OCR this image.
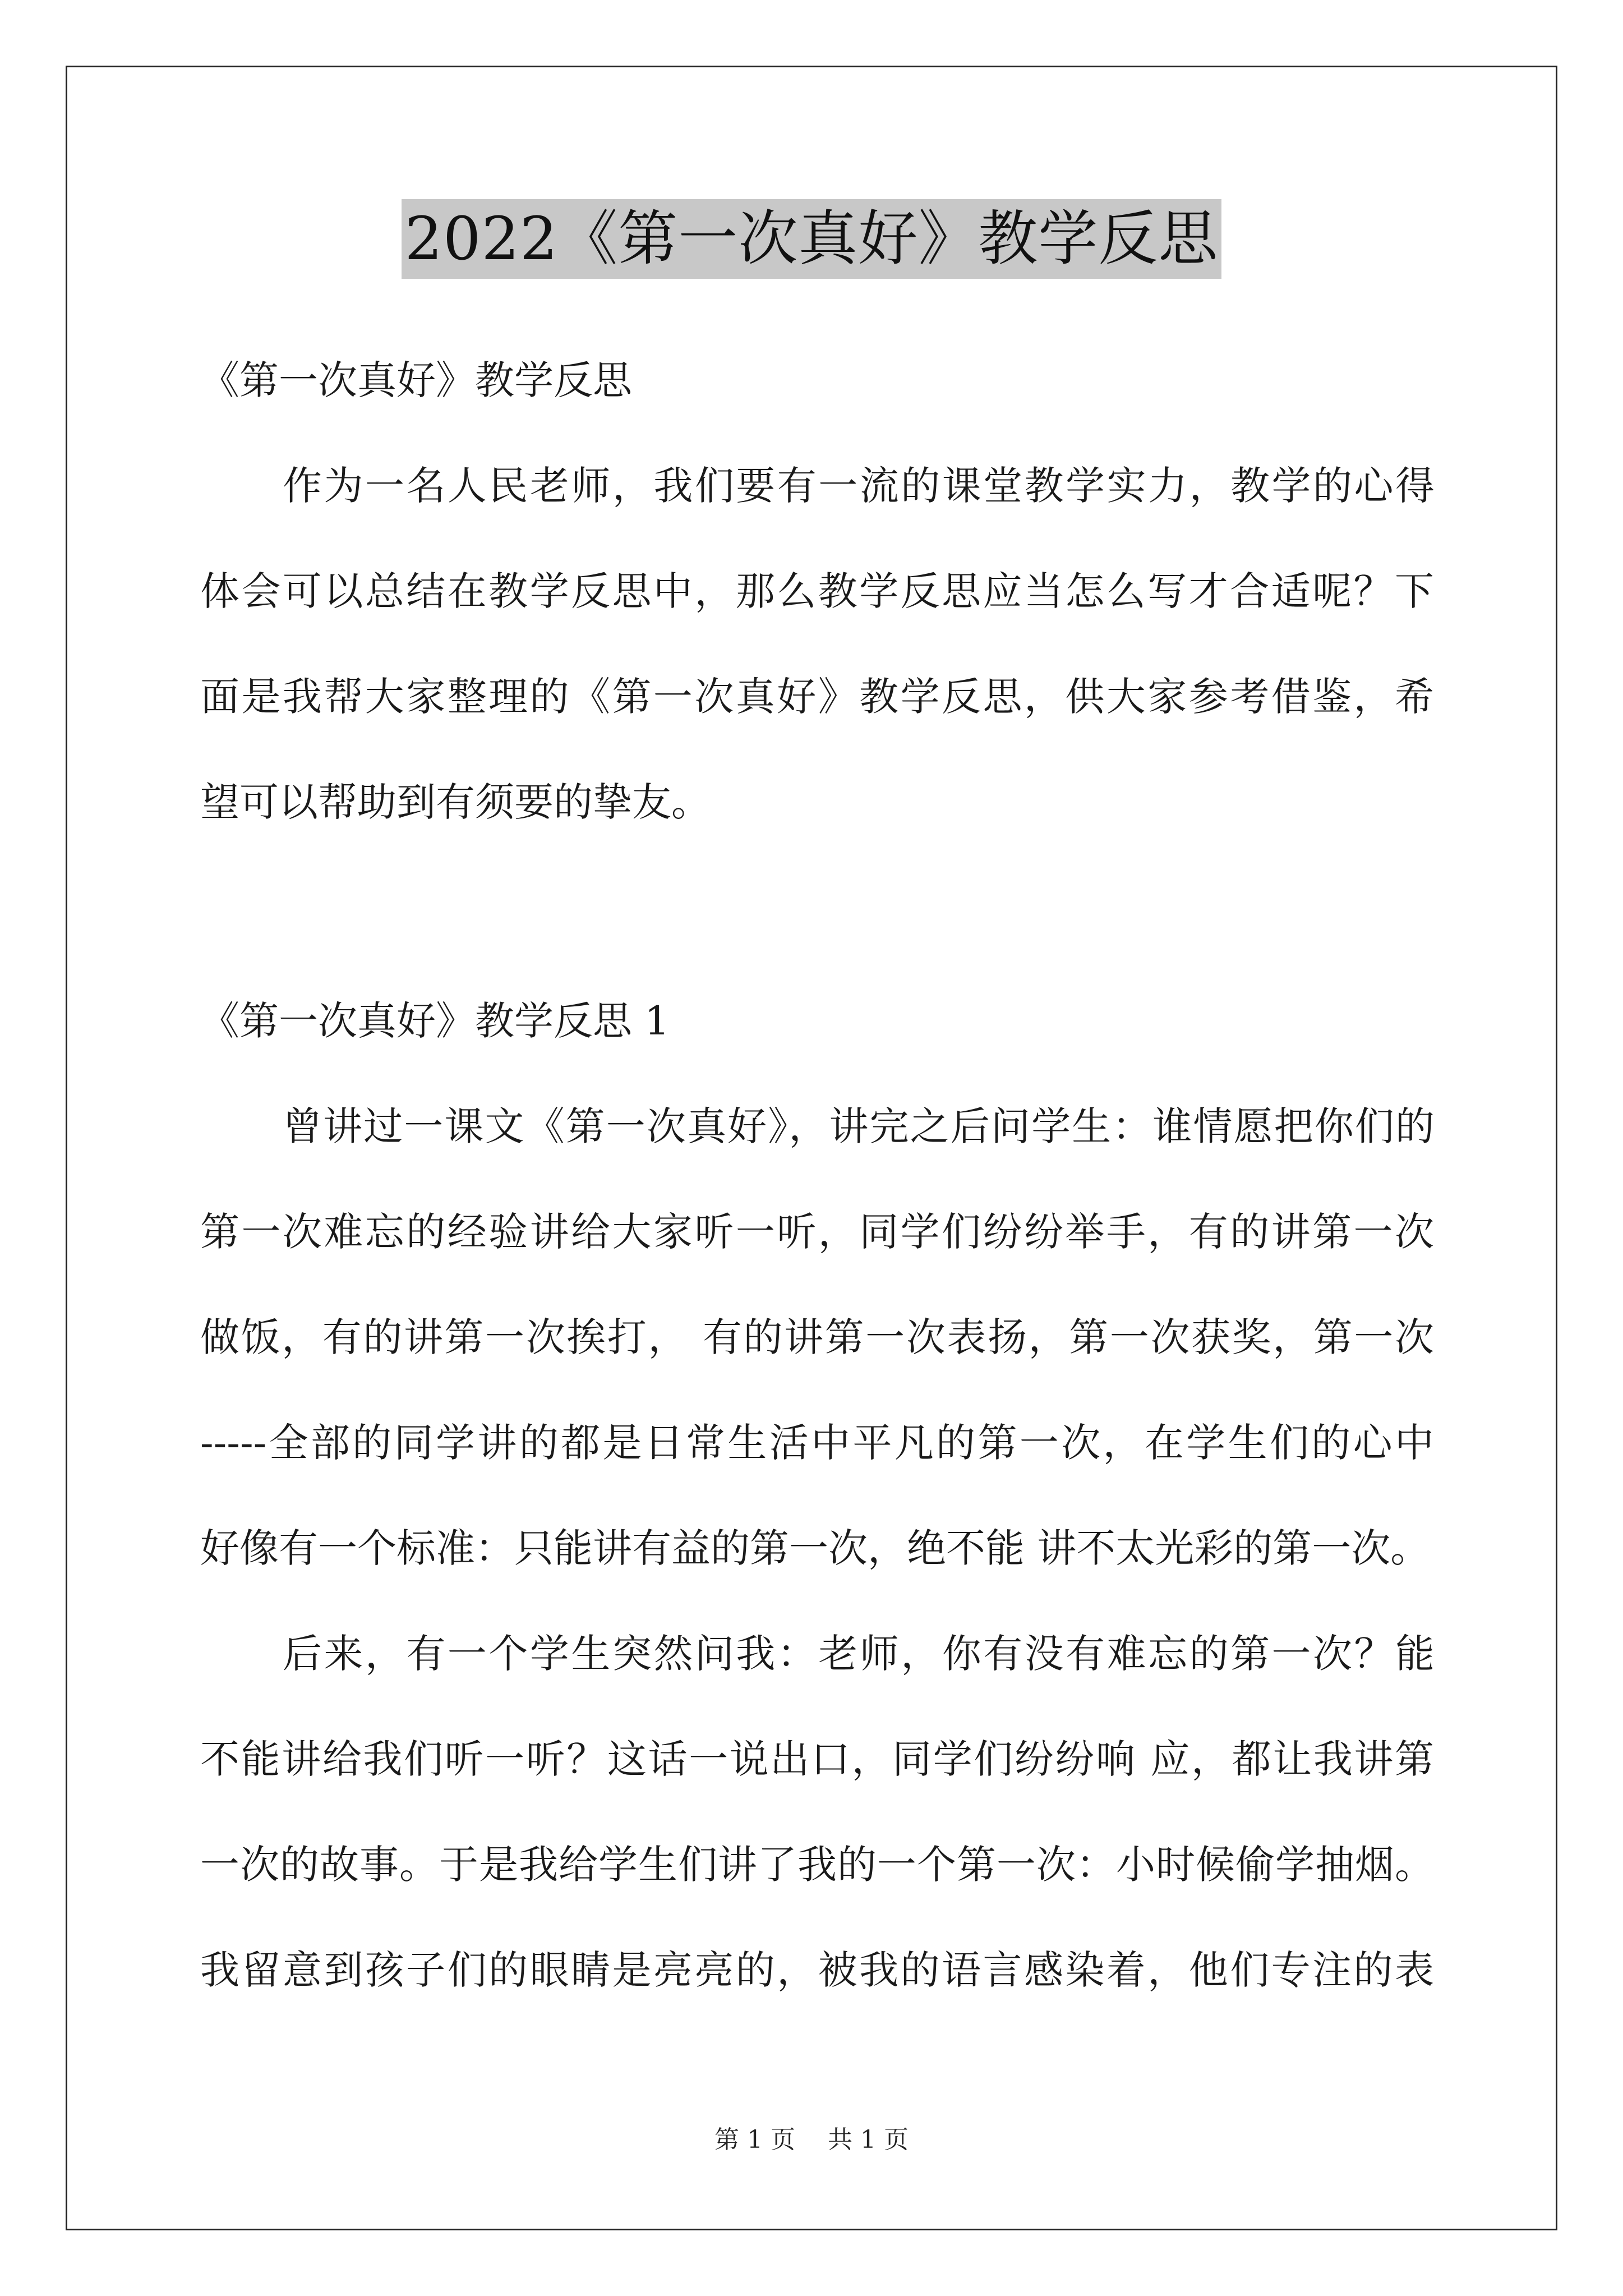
2022《第一次真好》教学反思
《第一次真好》教学反思
作为一名人民老师，我们要有一流的课堂教学实力，教学的心得
体会可以总结在教学反思中，那么教学反思应当怎么写才合适呢？下
面是我帮大家整理的《第一次真好》教学反思，供大家参考借鉴，希
望可以帮助到有须要的挚友。
《第一次真好》教学反思 1
曾讲过一课文《第一次真好》，讲完之后问学生：谁情愿把你们的
第一次难忘的经验讲给大家听一听，同学们纷纷举手，有的讲第一次
做饭，有的讲第一次挨打， 有的讲第一次表扬，第一次获奖，第一次
-----全部的同学讲的都是日常生活中平凡的第一次，在学生们的心中
好像有一个标准：只能讲有益的第一次，绝不能 讲不太光彩的第一次。
后来，有一个学生突然问我：老师，你有没有难忘的第一次？能
不能讲给我们听一听？这话一说出口，同学们纷纷响 应，都让我讲第
一次的故事。于是我给学生们讲了我的一个第一次：小时候偷学抽烟。
我留意到孩子们的眼睛是亮亮的，被我的语言感染着，他们专注的表
第 1 页　 共 1 页
